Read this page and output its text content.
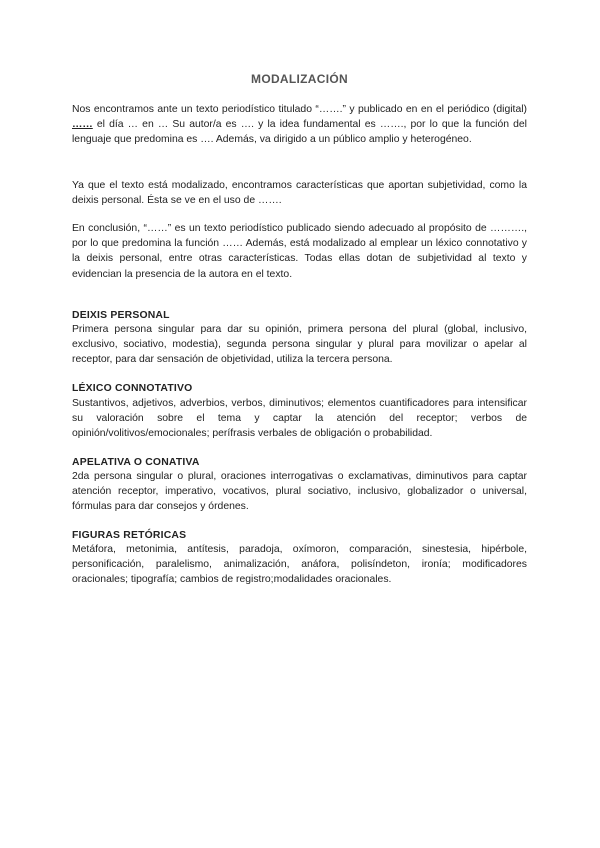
MODALIZACIÓN

Nos encontramos ante un texto periodístico titulado “…….” y publicado en en el periódico (digital) …… el día … en … Su autor/a es …. y la idea fundamental es ……., por lo que la función del lenguaje que predomina es …. Además, va dirigido a un público amplio y heterogéneo.

Ya que el texto está modalizado, encontramos características que aportan subjetividad, como la deixis personal. Ésta se ve en el uso de …….

En conclusión, “……” es un texto periodístico publicado siendo adecuado al propósito de ………., por lo que predomina la función …… Además, está modalizado al emplear un léxico connotativo y la deixis personal, entre otras características. Todas ellas dotan de subjetividad al texto y evidencian la presencia de la autora en el texto.

DEIXIS PERSONAL

Primera persona singular para dar su opinión, primera persona del plural (global, inclusivo, exclusivo, sociativo, modestia), segunda persona singular y plural para movilizar o apelar al receptor, para dar sensación de objetividad, utiliza la tercera persona.

LÉXICO CONNOTATIVO

Sustantivos, adjetivos, adverbios, verbos, diminutivos; elementos cuantificadores para intensificar su valoración sobre el tema y captar la atención del receptor; verbos de opinión/volitivos/emocionales; perífrasis verbales de obligación o probabilidad.

APELATIVA O CONATIVA

2da persona singular o plural, oraciones interrogativas o exclamativas, diminutivos para captar atención receptor, imperativo, vocativos, plural sociativo, inclusivo, globalizador o universal, fórmulas para dar consejos y órdenes.

FIGURAS RETÓRICAS

Metáfora, metonimia, antítesis, paradoja, oxímoron, comparación, sinestesia, hipérbole, personificación, paralelismo, animalización, anáfora, polisíndeton, ironía; modificadores oracionales; tipografía; cambios de registro;modalidades oracionales.
